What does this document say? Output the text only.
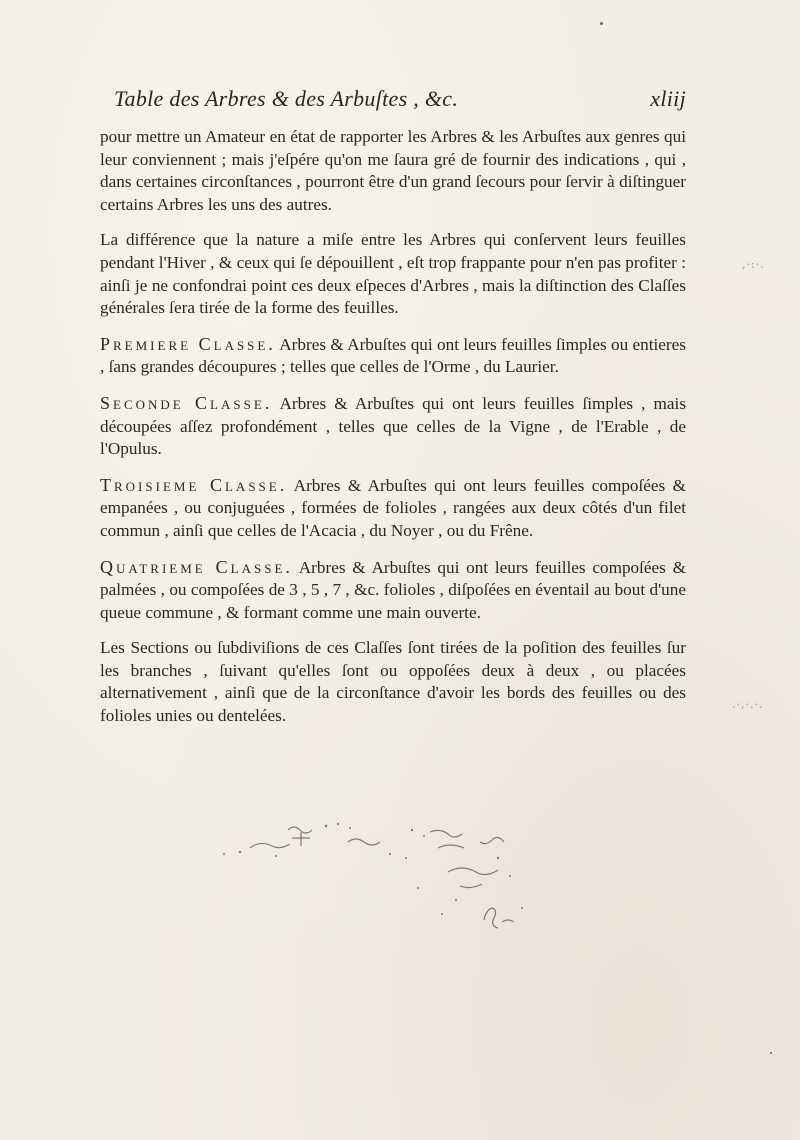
Table des Arbres & des Arbuſtes , &c.	xliij

pour mettre un Amateur en état de rapporter les Arbres & les Arbuſtes aux genres qui leur conviennent ; mais j'eſpére qu'on me ſaura gré de fournir des indications , qui , dans certaines circonſtances , pourront être d'un grand ſecours pour ſervir à diſtinguer certains Arbres les uns des autres.

La différence que la nature a miſe entre les Arbres qui conſervent leurs feuilles pendant l'Hiver , & ceux qui ſe dépouillent , eſt trop frappante pour n'en pas profiter : ainſi je ne confondrai point ces deux eſpeces d'Arbres , mais la diſtinction des Claſſes générales ſera tirée de la forme des feuilles.

Premiere Classe. Arbres & Arbuſtes qui ont leurs feuilles ſimples ou entieres , ſans grandes découpures ; telles que celles de l'Orme , du Laurier.

Seconde Classe. Arbres & Arbuſtes qui ont leurs feuilles ſimples , mais découpées aſſez profondément , telles que celles de la Vigne , de l'Erable , de l'Opulus.

Troisieme Classe. Arbres & Arbuſtes qui ont leurs feuilles compoſées & empanées , ou conjuguées , formées de folioles , rangées aux deux côtés d'un filet commun , ainſi que celles de l'Acacia , du Noyer , ou du Frêne.

Quatrieme Classe. Arbres & Arbuſtes qui ont leurs feuilles compoſées & palmées , ou compoſées de 3 , 5 , 7 , &c. folioles , diſpoſées en éventail au bout d'une queue commune , & formant comme une main ouverte.

Les Sections ou ſubdiviſions de ces Claſſes ſont tirées de la poſition des feuilles ſur les branches , ſuivant qu'elles ſont ou oppoſées deux à deux , ou placées alternativement , ainſi que de la circonſtance d'avoir les bords des feuilles ou des folioles unies ou dentelées.

,·:·.
.·,·.·.
